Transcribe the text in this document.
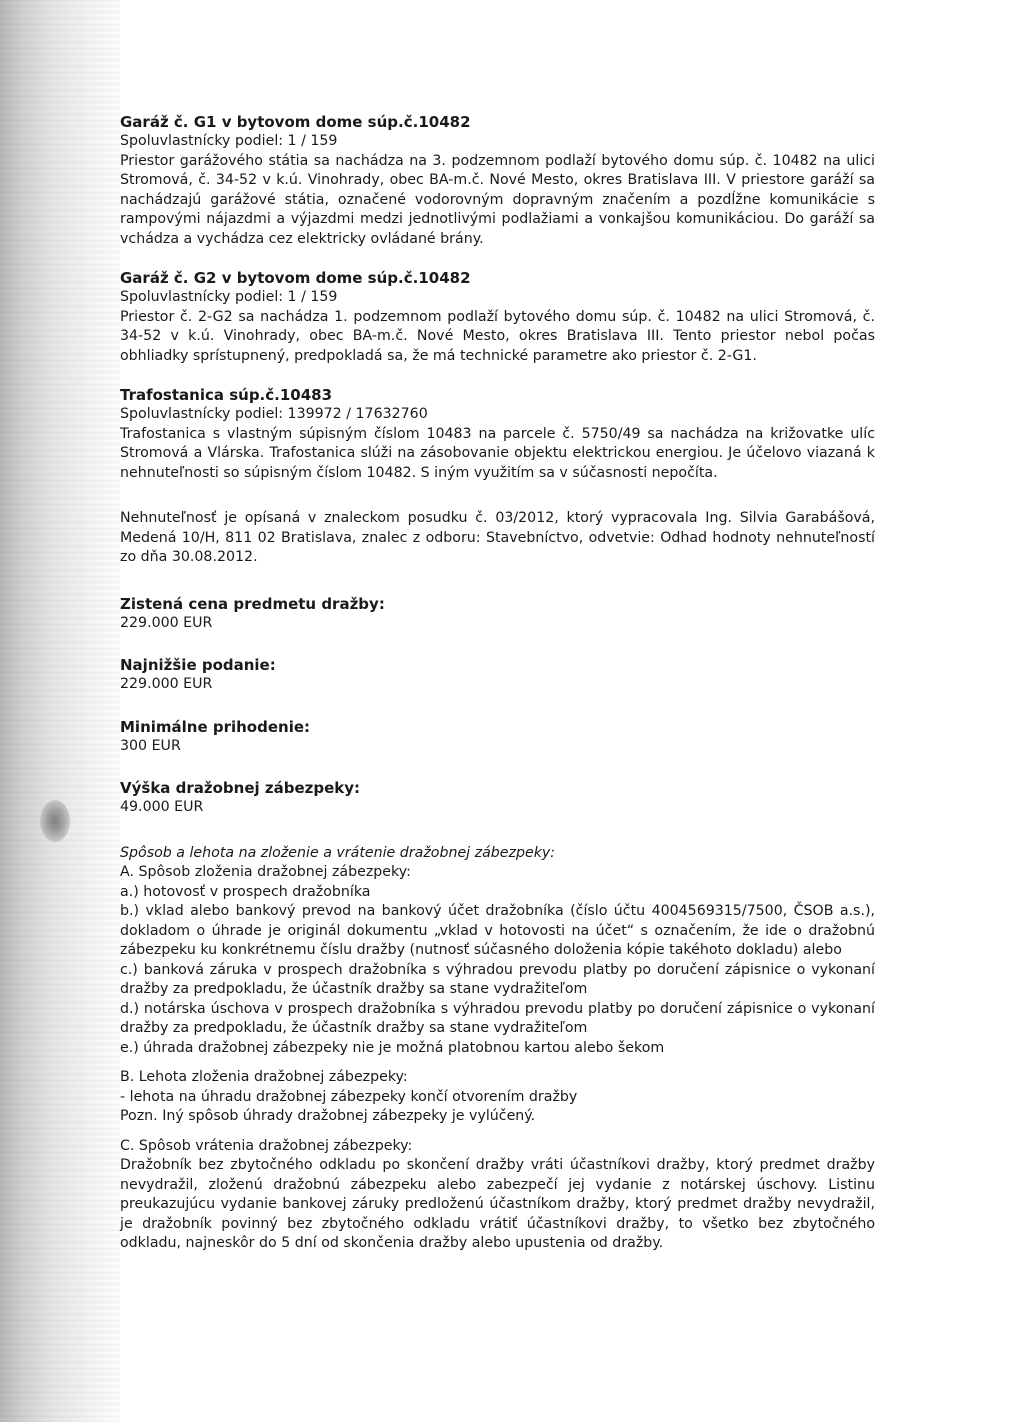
Garáž č. G1 v bytovom dome súp.č.10482

Spoluvlastnícky podiel: 1 / 159

Priestor garážového státia sa nachádza na 3. podzemnom podlaží bytového domu súp. č. 10482 na ulici Stromová, č. 34-52 v k.ú. Vinohrady, obec BA-m.č. Nové Mesto, okres Bratislava III. V priestore garáží sa nachádzajú garážové státia, označené vodorovným dopravným značením a pozdĺžne komunikácie s rampovými nájazdmi a výjazdmi medzi jednotlivými podlažiami a vonkajšou komunikáciou. Do garáží sa vchádza a vychádza cez elektricky ovládané brány.

Garáž č. G2 v bytovom dome súp.č.10482

Spoluvlastnícky podiel: 1 / 159

Priestor č. 2-G2 sa nachádza 1. podzemnom podlaží bytového domu súp. č. 10482 na ulici Stromová, č. 34-52 v k.ú. Vinohrady, obec BA-m.č. Nové Mesto, okres Bratislava III. Tento priestor nebol počas obhliadky sprístupnený, predpokladá sa, že má technické parametre ako priestor č. 2-G1.

Trafostanica súp.č.10483

Spoluvlastnícky podiel: 139972 / 17632760

Trafostanica s vlastným súpisným číslom 10483 na parcele č. 5750/49 sa nachádza na križovatke ulíc Stromová a Vlárska. Trafostanica slúži na zásobovanie objektu elektrickou energiou. Je účelovo viazaná k nehnuteľnosti so súpisným číslom 10482. S iným využitím sa v súčasnosti nepočíta.

Nehnuteľnosť je opísaná v znaleckom posudku č. 03/2012, ktorý vypracovala Ing. Silvia Garabášová, Medená 10/H, 811 02 Bratislava, znalec z odboru: Stavebníctvo, odvetvie: Odhad hodnoty nehnuteľností zo dňa 30.08.2012.

Zistená cena predmetu dražby:

229.000 EUR

Najnižšie podanie:

229.000 EUR

Minimálne prihodenie:

300 EUR

Výška dražobnej zábezpeky:

49.000 EUR

Spôsob a lehota na zloženie a vrátenie dražobnej zábezpeky:

A. Spôsob zloženia dražobnej zábezpeky:

a.) hotovosť v prospech dražobníka

b.) vklad alebo bankový prevod na bankový účet dražobníka (číslo účtu 4004569315/7500, ČSOB a.s.), dokladom o úhrade je originál dokumentu „vklad v hotovosti na účet“ s označením, že ide o dražobnú zábezpeku ku konkrétnemu číslu dražby (nutnosť súčasného doloženia kópie takéhoto dokladu) alebo

c.) banková záruka v prospech dražobníka s výhradou prevodu platby po doručení zápisnice o vykonaní dražby za predpokladu, že účastník dražby sa stane vydražiteľom

d.) notárska úschova v prospech dražobníka s výhradou prevodu platby po doručení zápisnice o vykonaní dražby za predpokladu, že účastník dražby sa stane vydražiteľom

e.) úhrada dražobnej zábezpeky nie je možná platobnou kartou alebo šekom

B. Lehota zloženia dražobnej zábezpeky:

- lehota na úhradu dražobnej zábezpeky končí otvorením dražby

Pozn. Iný spôsob úhrady dražobnej zábezpeky je vylúčený.

C. Spôsob vrátenia dražobnej zábezpeky:

Dražobník bez zbytočného odkladu po skončení dražby vráti účastníkovi dražby, ktorý predmet dražby nevydražil, zloženú dražobnú zábezpeku alebo zabezpečí jej vydanie z notárskej úschovy. Listinu preukazujúcu vydanie bankovej záruky predloženú účastníkom dražby, ktorý predmet dražby nevydražil, je dražobník povinný bez zbytočného odkladu vrátiť účastníkovi dražby, to všetko bez zbytočného odkladu, najneskôr do 5 dní od skončenia dražby alebo upustenia od dražby.
